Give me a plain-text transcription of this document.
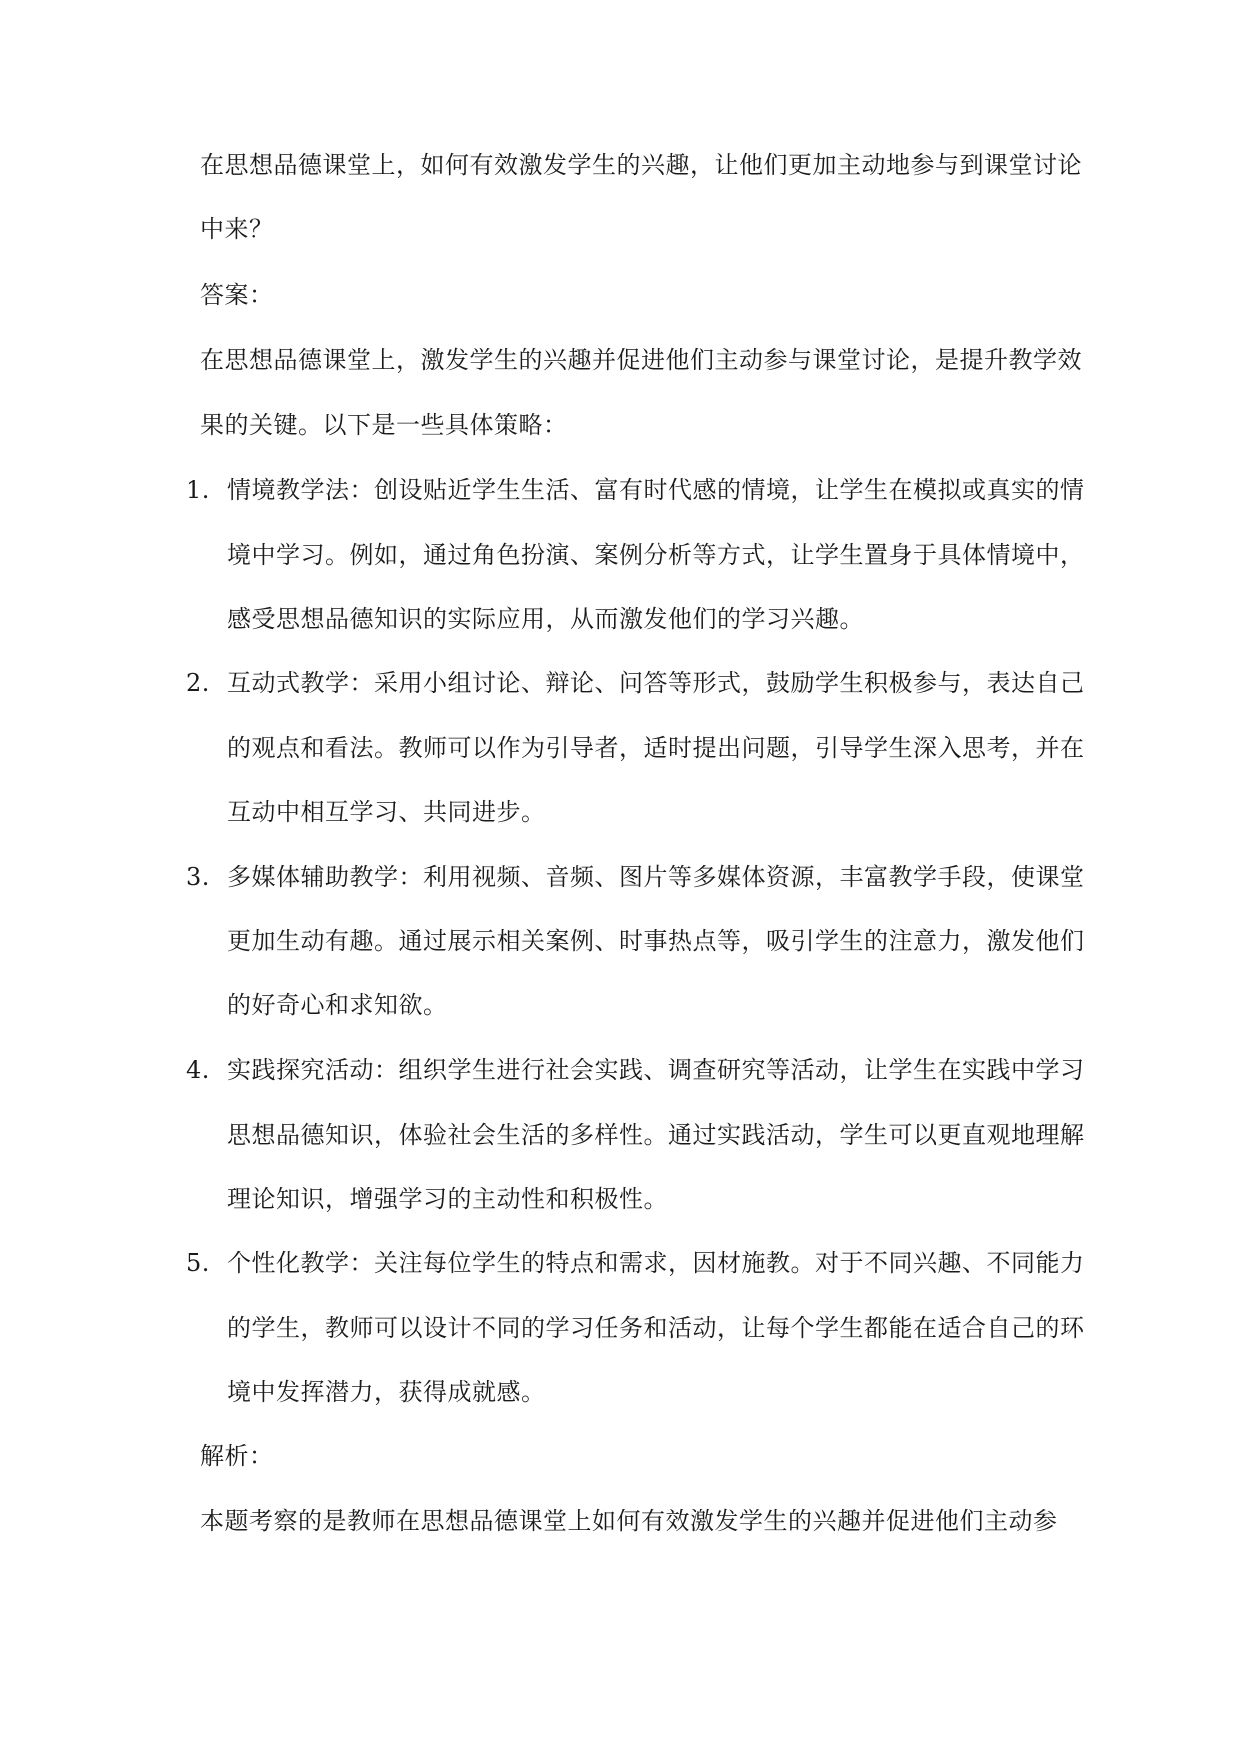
在思想品德课堂上，如何有效激发学生的兴趣，让他们更加主动地参与到课堂讨论
中来？
答案：
在思想品德课堂上，激发学生的兴趣并促进他们主动参与课堂讨论，是提升教学效
果的关键。以下是一些具体策略：
1. 情境教学法：创设贴近学生生活、富有时代感的情境，让学生在模拟或真实的情
境中学习。例如，通过角色扮演、案例分析等方式，让学生置身于具体情境中，
感受思想品德知识的实际应用，从而激发他们的学习兴趣。
2. 互动式教学：采用小组讨论、辩论、问答等形式，鼓励学生积极参与，表达自己
的观点和看法。教师可以作为引导者，适时提出问题，引导学生深入思考，并在
互动中相互学习、共同进步。
3. 多媒体辅助教学：利用视频、音频、图片等多媒体资源，丰富教学手段，使课堂
更加生动有趣。通过展示相关案例、时事热点等，吸引学生的注意力，激发他们
的好奇心和求知欲。
4. 实践探究活动：组织学生进行社会实践、调查研究等活动，让学生在实践中学习
思想品德知识，体验社会生活的多样性。通过实践活动，学生可以更直观地理解
理论知识，增强学习的主动性和积极性。
5. 个性化教学：关注每位学生的特点和需求，因材施教。对于不同兴趣、不同能力
的学生，教师可以设计不同的学习任务和活动，让每个学生都能在适合自己的环
境中发挥潜力，获得成就感。
解析：
本题考察的是教师在思想品德课堂上如何有效激发学生的兴趣并促进他们主动参
